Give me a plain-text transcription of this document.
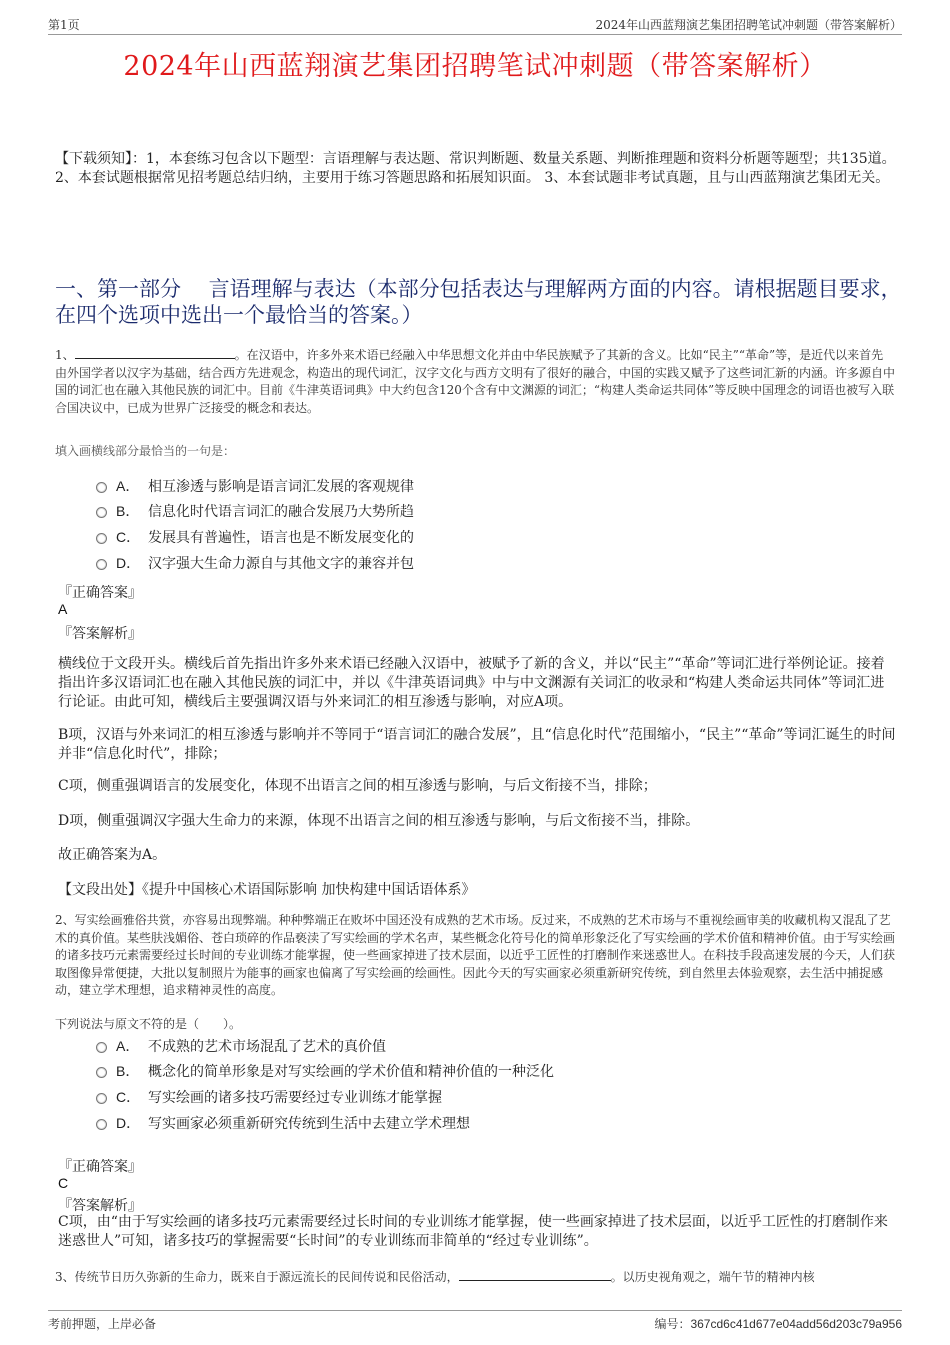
第1页	2024年山西蓝翔演艺集团招聘笔试冲刺题（带答案解析）
2024年山西蓝翔演艺集团招聘笔试冲刺题（带答案解析）
【下载须知】：1，本套练习包含以下题型：言语理解与表达题、常识判断题、数量关系题、判断推理题和资料分析题等题型；共135道。 2、本套试题根据常见招考题总结归纳，主要用于练习答题思路和拓展知识面。 3、本套试题非考试真题，且与山西蓝翔演艺集团无关。
一、第一部分　 言语理解与表达（本部分包括表达与理解两方面的内容。请根据题目要求，在四个选项中选出一个最恰当的答案。）
1、	。在汉语中，许多外来术语已经融入中华思想文化并由中华民族赋予了其新的含义。比如“民主”“革命”等，是近代以来首先由外国学者以汉字为基础，结合西方先进观念，构造出的现代词汇，汉字文化与西方文明有了很好的融合，中国的实践又赋予了这些词汇新的内涵。许多源自中国的词汇也在融入其他民族的词汇中。目前《牛津英语词典》中大约包含120个含有中文渊源的词汇；“构建人类命运共同体”等反映中国理念的词语也被写入联合国决议中，已成为世界广泛接受的概念和表达。
填入画横线部分最恰当的一句是：
A． 相互渗透与影响是语言词汇发展的客观规律
B． 信息化时代语言词汇的融合发展乃大势所趋
C． 发展具有普遍性，语言也是不断发展变化的
D． 汉字强大生命力源自与其他文字的兼容并包
『正确答案』
A
『答案解析』
横线位于文段开头。横线后首先指出许多外来术语已经融入汉语中，被赋予了新的含义，并以“民主”“革命”等词汇进行举例论证。接着指出许多汉语词汇也在融入其他民族的词汇中，并以《牛津英语词典》中与中文渊源有关词汇的收录和“构建人类命运共同体”等词汇进行论证。由此可知，横线后主要强调汉语与外来词汇的相互渗透与影响，对应A项。
B项，汉语与外来词汇的相互渗透与影响并不等同于“语言词汇的融合发展”，且“信息化时代”范围缩小，“民主”“革命”等词汇诞生的时间并非“信息化时代”，排除；
C项，侧重强调语言的发展变化，体现不出语言之间的相互渗透与影响，与后文衔接不当，排除；
D项，侧重强调汉字强大生命力的来源，体现不出语言之间的相互渗透与影响，与后文衔接不当，排除。
故正确答案为A。
【文段出处】《提升中国核心术语国际影响 加快构建中国话语体系》
2、写实绘画雅俗共赏，亦容易出现弊端。种种弊端正在败坏中国还没有成熟的艺术市场。反过来，不成熟的艺术市场与不重视绘画审美的收藏机构又混乱了艺术的真价值。某些肤浅媚俗、苍白琐碎的作品亵渎了写实绘画的学术名声，某些概念化符号化的简单形象泛化了写实绘画的学术价值和精神价值。由于写实绘画的诸多技巧元素需要经过长时间的专业训练才能掌握，使一些画家掉进了技术层面，以近乎工匠性的打磨制作来迷惑世人。在科技手段高速发展的今天，人们获取图像异常便捷，大批以复制照片为能事的画家也偏离了写实绘画的绘画性。因此今天的写实画家必须重新研究传统，到自然里去体验观察，去生活中捕捉感动，建立学术理想，追求精神灵性的高度。
下列说法与原文不符的是（　　）。
A． 不成熟的艺术市场混乱了艺术的真价值
B． 概念化的简单形象是对写实绘画的学术价值和精神价值的一种泛化
C． 写实绘画的诸多技巧需要经过专业训练才能掌握
D． 写实画家必须重新研究传统到生活中去建立学术理想
『正确答案』
C
『答案解析』
C项，由“由于写实绘画的诸多技巧元素需要经过长时间的专业训练才能掌握，使一些画家掉进了技术层面，以近乎工匠性的打磨制作来迷惑世人”可知，诸多技巧的掌握需要“长时间”的专业训练而非简单的“经过专业训练”。
3、传统节日历久弥新的生命力，既来自于源远流长的民间传说和民俗活动，	。以历史视角观之，端午节的精神内核
考前押题，上岸必备	编号：367cd6c41d677e04add56d203c79a956
